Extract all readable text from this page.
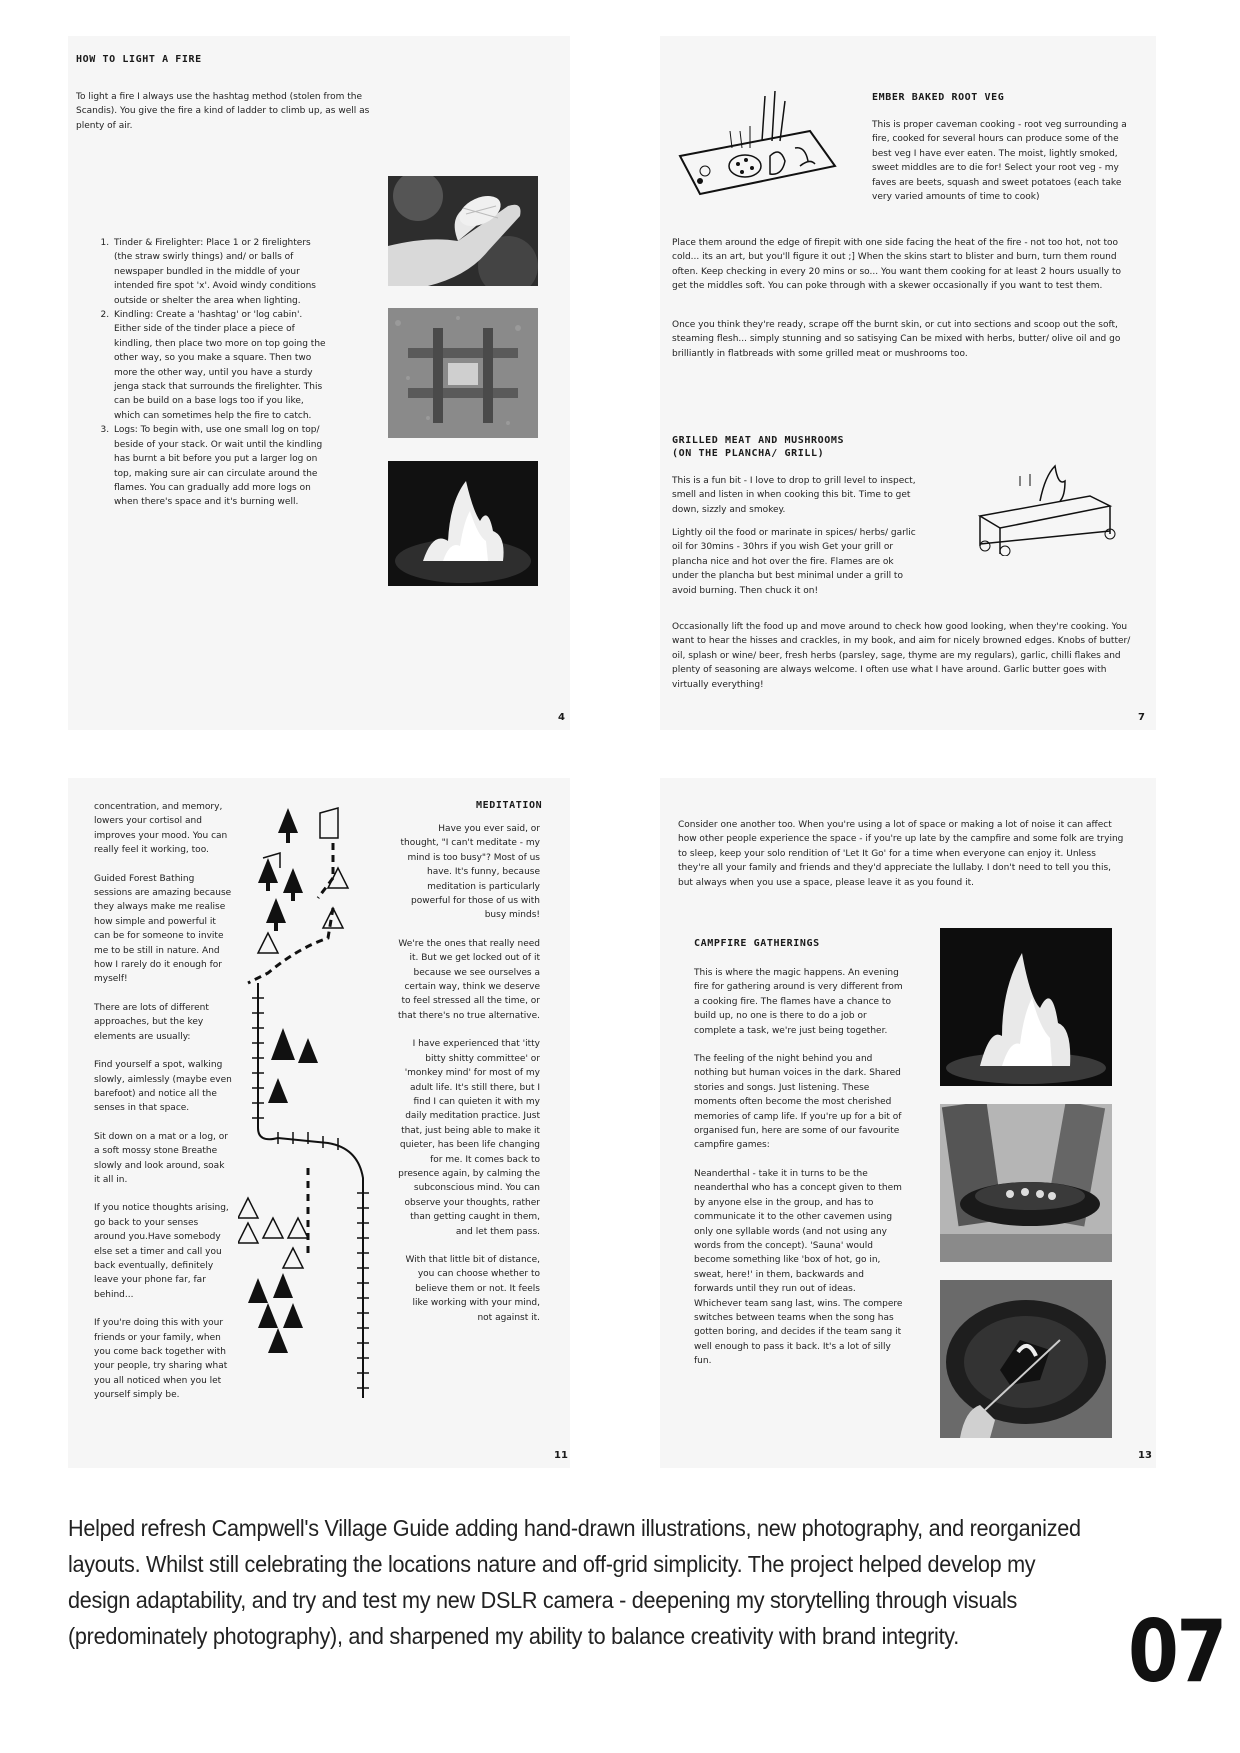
HOW TO LIGHT A FIRE
To light a fire I always use the hashtag method (stolen from the Scandis). You give the fire a kind of ladder to climb up, as well as plenty of air.
1. Tinder & Firelighter: Place 1 or 2 firelighters (the straw swirly things) and/ or balls of newspaper bundled in the middle of your intended fire spot 'x'. Avoid windy conditions outside or shelter the area when lighting.
2. Kindling: Create a 'hashtag' or 'log cabin'. Either side of the tinder place a piece of kindling, then place two more on top going the other way, so you make a square. Then two more the other way, until you have a sturdy jenga stack that surrounds the firelighter. This can be build on a base logs too if you like, which can sometimes help the fire to catch.
3. Logs: To begin with, use one small log on top/ beside of your stack. Or wait until the kindling has burnt a bit before you put a larger log on top, making sure air can circulate around the flames. You can gradually add more logs on when there's space and it's burning well.
4
EMBER BAKED ROOT VEG
This is proper caveman cooking - root veg surrounding a fire, cooked for several hours can produce some of the best veg I have ever eaten. The moist, lightly smoked, sweet middles are to die for! Select your root veg - my faves are beets, squash and sweet potatoes (each take very varied amounts of time to cook)
Place them around the edge of firepit with one side facing the heat of the fire - not too hot, not too cold... its an art, but you'll figure it out ;] When the skins start to blister and burn, turn them round often. Keep checking in every 20 mins or so... You want them cooking for at least 2 hours usually to get the middles soft. You can poke through with a skewer occasionally if you want to test them.
Once you think they're ready, scrape off the burnt skin, or cut into sections and scoop out the soft, steaming flesh... simply stunning and so satisying Can be mixed with herbs, butter/ olive oil and go brilliantly in flatbreads with some grilled meat or mushrooms too.
GRILLED MEAT AND MUSHROOMS
(ON THE PLANCHA/ GRILL)
This is a fun bit - I love to drop to grill level to inspect, smell and listen in when cooking this bit. Time to get down, sizzly and smokey.
Lightly oil the food or marinate in spices/ herbs/ garlic oil for 30mins - 30hrs if you wish Get your grill or plancha nice and hot over the fire. Flames are ok under the plancha but best minimal under a grill to avoid burning. Then chuck it on!
Occasionally lift the food up and move around to check how good looking, when they're cooking. You want to hear the hisses and crackles, in my book, and aim for nicely browned edges. Knobs of butter/ oil, splash or wine/ beer, fresh herbs (parsley, sage, thyme are my regulars), garlic, chilli flakes and plenty of seasoning are always welcome. I often use what I have around. Garlic butter goes with virtually everything!
7

concentration, and memory, lowers your cortisol and improves your mood. You can really feel it working, too.

Guided Forest Bathing sessions are amazing because they always make me realise how simple and powerful it can be for someone to invite me to be still in nature. And how I rarely do it enough for myself!

There are lots of different approaches, but the key elements are usually:

Find yourself a spot, walking slowly, aimlessly (maybe even barefoot) and notice all the senses in that space.

Sit down on a mat or a log, or a soft mossy stone Breathe slowly and look around, soak it all in.

If you notice thoughts arising, go back to your senses around you.Have somebody else set a timer and call you back eventually, definitely leave your phone far, far behind...

If you're doing this with your friends or your family, when you come back together with your people, try sharing what you all noticed when you let yourself simply be.

MEDITATION

Have you ever said, or thought, "I can't meditate - my mind is too busy"? Most of us have. It's funny, because meditation is particularly powerful for those of us with busy minds!

We're the ones that really need it. But we get locked out of it because we see ourselves a certain way, think we deserve to feel stressed all the time, or that there's no true alternative.

I have experienced that 'itty bitty shitty committee' or 'monkey mind' for most of my adult life. It's still there, but I find I can quieten it with my daily meditation practice. Just that, just being able to make it quieter, has been life changing for me. It comes back to presence again, by calming the subconscious mind. You can observe your thoughts, rather than getting caught in them, and let them pass.

With that little bit of distance, you can choose whether to believe them or not. It feels like working with your mind, not against it.

11
Consider one another too. When you're using a lot of space or making a lot of noise it can affect how other people experience the space - if you're up late by the campfire and some folk are trying to sleep, keep your solo rendition of 'Let It Go' for a time when everyone can enjoy it. Unless they're all your family and friends and they'd appreciate the lullaby. I don't need to tell you this, but always when you use a space, please leave it as you found it.
CAMPFIRE GATHERINGS

This is where the magic happens. An evening fire for gathering around is very different from a cooking fire. The flames have a chance to build up, no one is there to do a job or complete a task, we're just being together.

The feeling of the night behind you and nothing but human voices in the dark. Shared stories and songs. Just listening. These moments often become the most cherished memories of camp life. If you're up for a bit of organised fun, here are some of our favourite campfire games:

Neanderthal - take it in turns to be the neanderthal who has a concept given to them by anyone else in the group, and has to communicate it to the other cavemen using only one syllable words (and not using any words from the concept). 'Sauna' would become something like 'box of hot, go in, sweat, here!' in them, backwards and forwards until they run out of ideas. Whichever team sang last, wins. The compere switches between teams when the song has gotten boring, and decides if the team sang it well enough to pass it back. It's a lot of silly fun.

13

Helped refresh Campwell's Village Guide adding hand-drawn illustrations, new photography, and reorganized layouts. Whilst still celebrating the locations nature and off-grid simplicity. The project helped develop my design adaptability, and try and test my new DSLR camera - deepening my storytelling through visuals (predominately photography), and sharpened my ability to balance creativity with brand integrity.	07
